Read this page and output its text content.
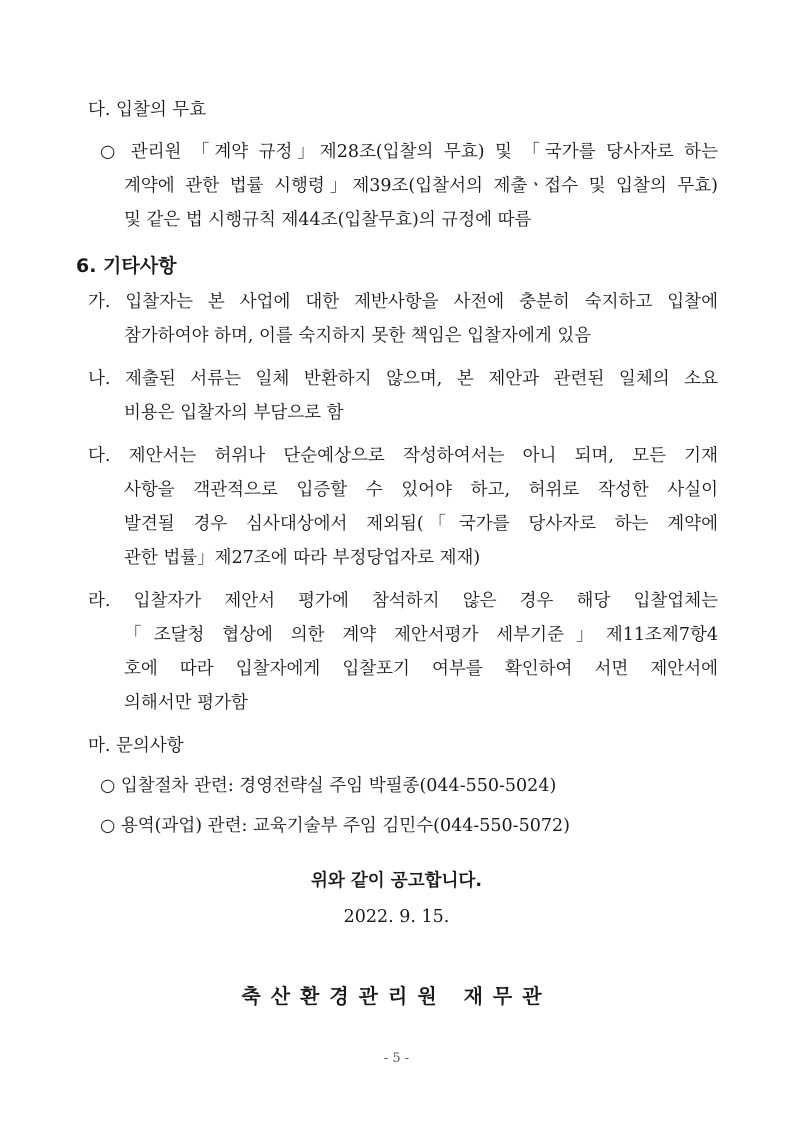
다. 입찰의 무효
○ 관리원 「계약 규정」제28조(입찰의 무효) 및 「국가를 당사자로 하는
계약에 관한 법률 시행령」제39조(입찰서의 제출ㆍ접수 및 입찰의 무효)
및 같은 법 시행규칙 제44조(입찰무효)의 규정에 따름
6. 기타사항
가. 입찰자는 본 사업에 대한 제반사항을 사전에 충분히 숙지하고 입찰에
참가하여야 하며, 이를 숙지하지 못한 책임은 입찰자에게 있음
나. 제출된 서류는 일체 반환하지 않으며, 본 제안과 관련된 일체의 소요
비용은 입찰자의 부담으로 함
다. 제안서는 허위나 단순예상으로 작성하여서는 아니 되며, 모든 기재
사항을 객관적으로 입증할 수 있어야 하고, 허위로 작성한 사실이
발견될 경우 심사대상에서 제외됨(「국가를 당사자로 하는 계약에
관한 법률」제27조에 따라 부정당업자로 제재)
라. 입찰자가 제안서 평가에 참석하지 않은 경우 해당 입찰업체는
「조달청 협상에 의한 계약 제안서평가 세부기준」제11조제7항4
호에 따라 입찰자에게 입찰포기 여부를 확인하여 서면 제안서에
의해서만 평가함
마. 문의사항
○ 입찰절차 관련: 경영전략실 주임 박필종(044-550-5024)
○ 용역(과업) 관련: 교육기술부 주임 김민수(044-550-5072)
위와 같이 공고합니다.
2022. 9. 15.
축산환경관리원 재무관
- 5 -
